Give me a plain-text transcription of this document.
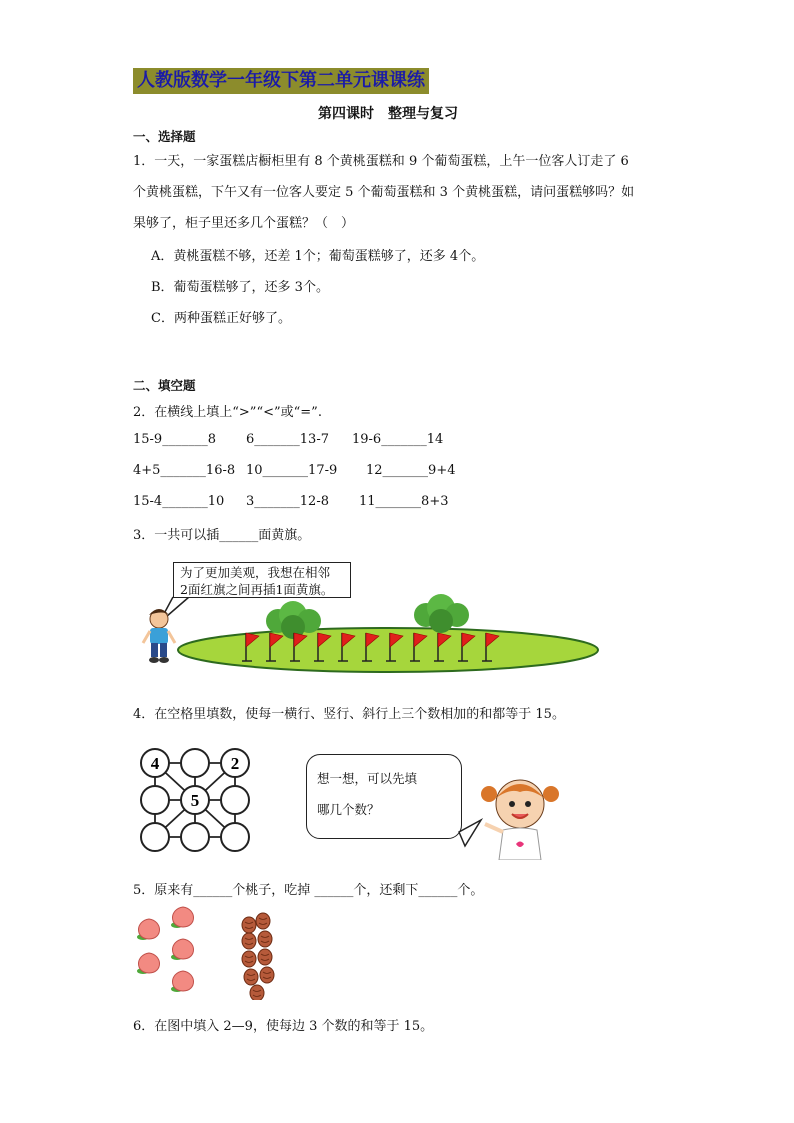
人教版数学一年级下第二单元课课练
第四课时　整理与复习
一、选择题
1．一天，一家蛋糕店橱柜里有 8 个黄桃蛋糕和 9 个葡萄蛋糕，上午一位客人订走了 6
个黄桃蛋糕，下午又有一位客人要定 5 个葡萄蛋糕和 3 个黄桃蛋糕，请问蛋糕够吗？如
果够了，柜子里还多几个蛋糕？（　）
A．黄桃蛋糕不够，还差 1个；葡萄蛋糕够了，还多 4个。
B．葡萄蛋糕够了，还多 3个。
C．两种蛋糕正好够了。
二、填空题
2．在横线上填上“>”“<”或“=”.
15-9_______8 6_______13-7 19-6_______14
4+5_______16-8 10_______17-9 12_______9+4
15-4_______10 3_______12-8 11_______8+3
3．一共可以插______面黄旗。
为了更加美观，我想在相邻
2面红旗之间再插1面黄旗。
4．在空格里填数，使每一横行、竖行、斜行上三个数相加的和都等于 15。
4	2
5
想一想，可以先填
哪几个数？
5．原来有______个桃子，吃掉 ______个，还剩下______个。
6．在图中填入 2—9，使每边 3 个数的和等于 15。
